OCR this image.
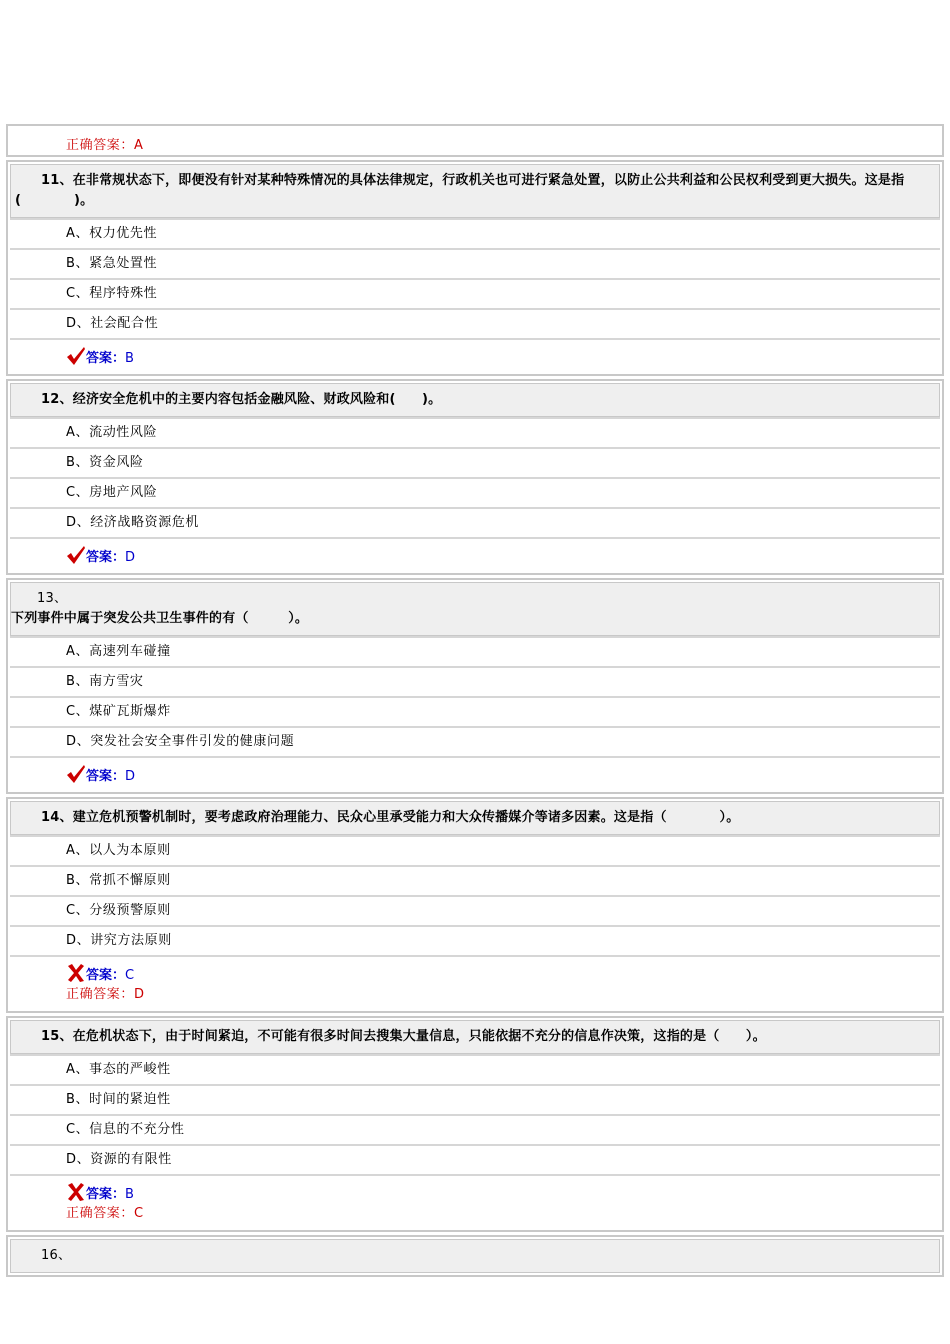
正确答案：A
11、在非常规状态下，即便没有针对某种特殊情况的具体法律规定，行政机关也可进行紧急处置，以防止公共利益和公民权利受到更大损失。这是指
(　　　　)。
A、权力优先性
B、紧急处置性
C、程序特殊性
D、社会配合性
答案：B
12、经济安全危机中的主要内容包括金融风险、财政风险和(　　)。
A、流动性风险
B、资金风险
C、房地产风险
D、经济战略资源危机
答案：D
13、
下列事件中属于突发公共卫生事件的有（　　　）。
A、高速列车碰撞
B、南方雪灾
C、煤矿瓦斯爆炸
D、突发社会安全事件引发的健康问题
答案：D
14、建立危机预警机制时，要考虑政府治理能力、民众心里承受能力和大众传播媒介等诸多因素。这是指（　　　　）。
A、以人为本原则
B、常抓不懈原则
C、分级预警原则
D、讲究方法原则
答案：C
正确答案：D
15、在危机状态下，由于时间紧迫，不可能有很多时间去搜集大量信息，只能依据不充分的信息作决策，这指的是（　　）。
A、事态的严峻性
B、时间的紧迫性
C、信息的不充分性
D、资源的有限性
答案：B
正确答案：C
16、
